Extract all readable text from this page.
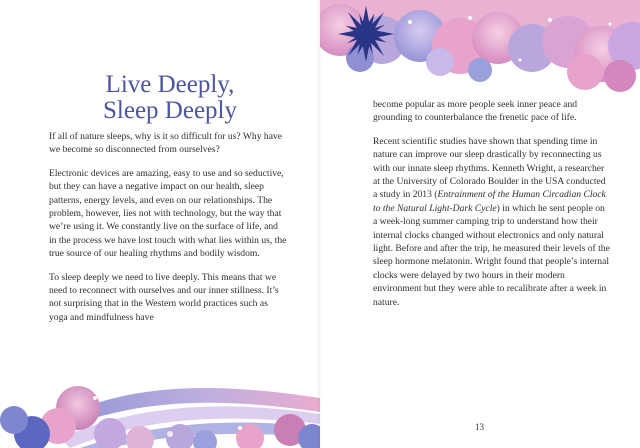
Live Deeply,
Sleep Deeply

If all of nature sleeps, why is it so difficult for us? Why have we become so disconnected from ourselves?

Electronic devices are amazing, easy to use and so seductive, but they can have a negative impact on our health, sleep patterns, energy levels, and even on our relationships. The problem, however, lies not with technology, but the way that we’re using it. We constantly live on the surface of life, and in the process we have lost touch with what lies within us, the true source of our healing rhythms and bodily wisdom.

To sleep deeply we need to live deeply. This means that we need to reconnect with ourselves and our inner stillness. It’s not surprising that in the Western world practices such as yoga and mindfulness have

become popular as more people seek inner peace and grounding to counterbalance the frenetic pace of life.

Recent scientific studies have shown that spending time in nature can improve our sleep drastically by reconnecting us with our innate sleep rhythms. Kenneth Wright, a researcher at the University of Colorado Boulder in the USA conducted a study in 2013 (Entrainment of the Human Circadian Clock to the Natural Light-Dark Cycle) in which he sent people on a week-long summer camping trip to understand how their internal clocks changed without electronics and only natural light. Before and after the trip, he measured their levels of the sleep hormone melatonin. Wright found that people’s internal clocks were delayed by two hours in their modern environment but they were able to recalibrate after a week in nature.

13
